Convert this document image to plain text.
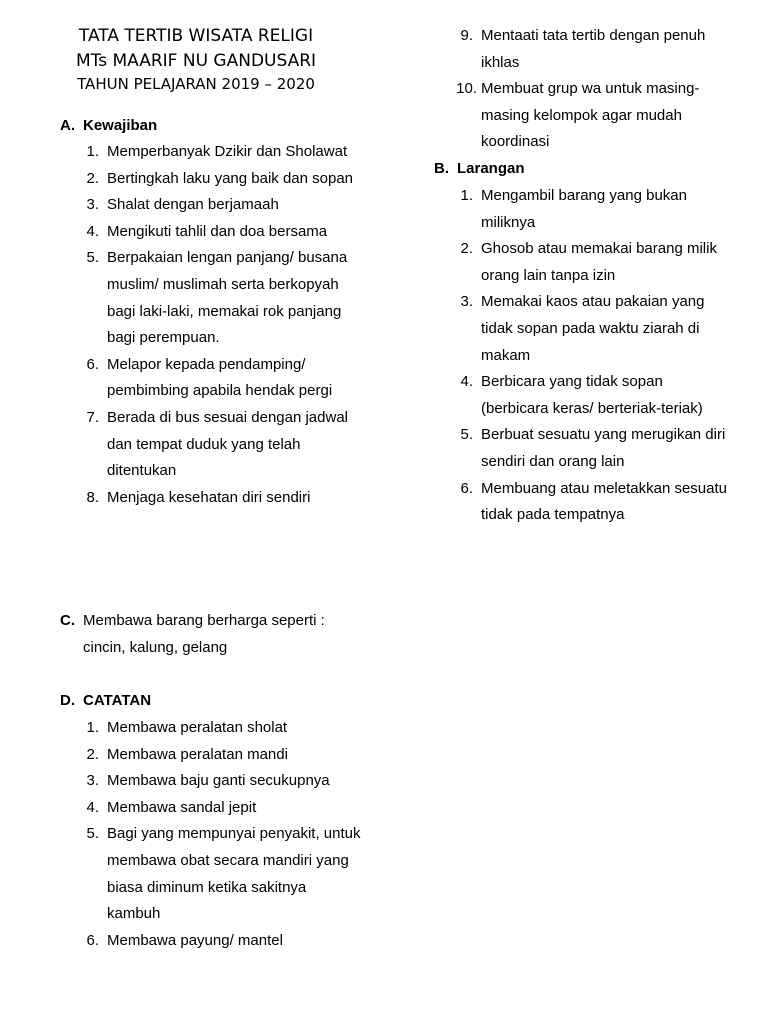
TATA TERTIB WISATA RELIGI
MTs MAARIF NU GANDUSARI
TAHUN PELAJARAN 2019 – 2020
A. Kewajiban
1. Memperbanyak Dzikir dan Sholawat
2. Bertingkah laku yang baik dan sopan
3. Shalat dengan berjamaah
4. Mengikuti tahlil dan doa bersama
5. Berpakaian lengan panjang/ busana muslim/ muslimah serta berkopyah bagi laki-laki, memakai rok panjang bagi perempuan.
6. Melapor kepada pendamping/ pembimbing apabila hendak pergi
7. Berada di bus sesuai dengan jadwal dan tempat duduk yang telah ditentukan
8. Menjaga kesehatan diri sendiri
9. Mentaati tata tertib dengan penuh ikhlas
10. Membuat grup wa untuk masing-masing kelompok agar mudah koordinasi
B. Larangan
1. Mengambil barang yang bukan miliknya
2. Ghosob atau memakai barang milik orang lain tanpa izin
3. Memakai kaos atau pakaian yang tidak sopan pada waktu ziarah di makam
4. Berbicara yang tidak sopan (berbicara keras/ berteriak-teriak)
5. Berbuat sesuatu yang merugikan diri sendiri dan orang lain
6. Membuang atau meletakkan sesuatu tidak pada tempatnya
C. Membawa barang berharga seperti : cincin, kalung, gelang
D. CATATAN
1. Membawa peralatan sholat
2. Membawa peralatan mandi
3. Membawa baju ganti secukupnya
4. Membawa sandal jepit
5. Bagi yang mempunyai penyakit, untuk membawa obat secara mandiri yang biasa diminum ketika sakitnya kambuh
6. Membawa payung/ mantel
